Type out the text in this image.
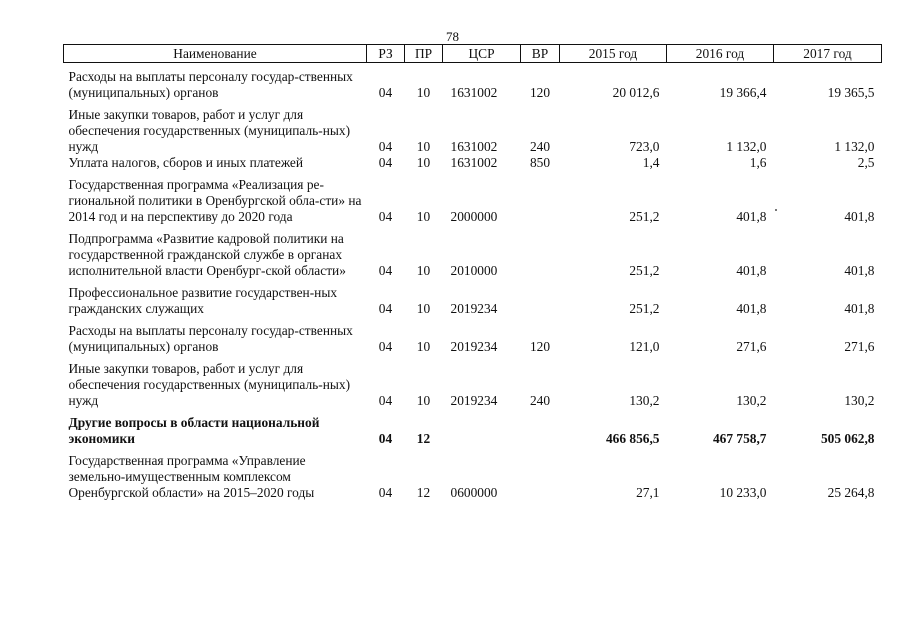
78
Наименование	РЗ	ПР	ЦСР	ВР	2015 год	2016 год	2017 год
Расходы на выплаты персоналу государ-ственных (муниципальных) органов	04	10	1631002	120	20 012,6	19 366,4	19 365,5
Иные закупки товаров, работ и услуг для обеспечения государственных (муниципаль-ных) нужд	04	10	1631002	240	723,0	1 132,0	1 132,0
Уплата налогов, сборов и иных платежей	04	10	1631002	850	1,4	1,6	2,5
Государственная программа «Реализация ре-гиональной политики в Оренбургской обла-сти» на 2014 год и на перспективу до 2020 года	04	10	2000000		251,2	401,8	401,8
Подпрограмма «Развитие кадровой политики на государственной гражданской службе в органах исполнительной власти Оренбург-ской области»	04	10	2010000		251,2	401,8	401,8
Профессиональное развитие государствен-ных гражданских служащих	04	10	2019234		251,2	401,8	401,8
Расходы на выплаты персоналу государ-ственных (муниципальных) органов	04	10	2019234	120	121,0	271,6	271,6
Иные закупки товаров, работ и услуг для обеспечения государственных (муниципаль-ных) нужд	04	10	2019234	240	130,2	130,2	130,2
Другие вопросы в области национальной экономики	04	12			466 856,5	467 758,7	505 062,8
Государственная программа «Управление земельно-имущественным комплексом Оренбургской области» на 2015–2020 годы	04	12	0600000		27,1	10 233,0	25 264,8
